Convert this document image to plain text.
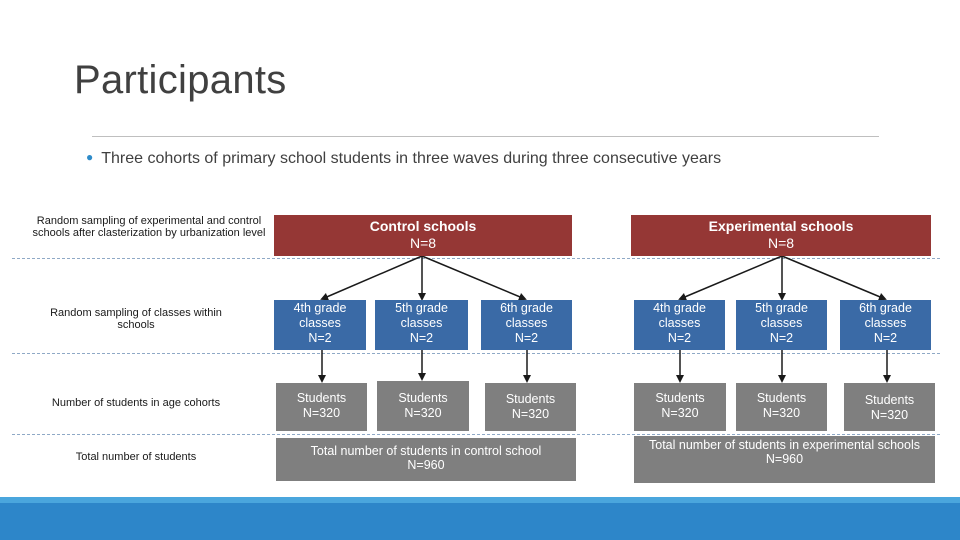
Participants
● Three cohorts of primary school students in three waves during three consecutive years
Random sampling of experimental and control schools after clasterization by urbanization level
Random sampling of classes within schools
Number of students in age cohorts
Total number of students
Control schools
N=8
4th grade classes
N=2
5th grade classes
N=2
6th grade classes
N=2
Students
N=320
Students
N=320
Students
N=320
Total number of students in control school
N=960
Experimental schools
N=8
4th grade classes
N=2
5th grade classes
N=2
6th grade classes
N=2
Students
N=320
Students
N=320
Students
N=320
Total number of students in experimental schools
N=960
